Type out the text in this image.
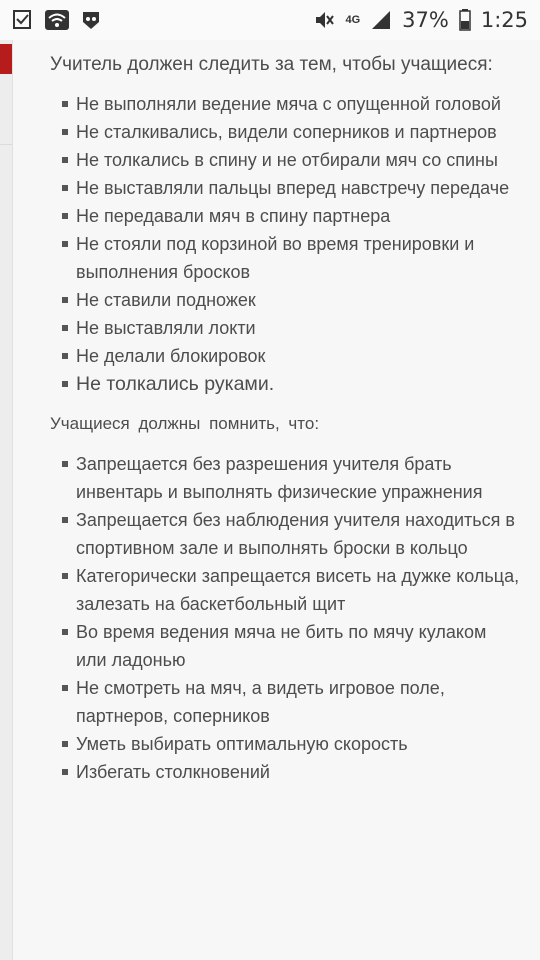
4G 37% 1:25

Учитель должен следить за тем, чтобы учащиеся:

Не выполняли ведение мяча с опущенной головой
Не сталкивались, видели соперников и партнеров
Не толкались в спину и не отбирали мяч со спины
Не выставляли пальцы вперед навстречу передаче
Не передавали мяч в спину партнера
Не стояли под корзиной во время тренировки и выполнения бросков
Не ставили подножек
Не выставляли локти
Не делали блокировок
Не толкались руками.

Учащиеся должны помнить, что:

Запрещается без разрешения учителя брать инвентарь и выполнять физические упражнения
Запрещается без наблюдения учителя находиться в спортивном зале и выполнять броски в кольцо
Категорически запрещается висеть на дужке кольца, залезать на баскетбольный щит
Во время ведения мяча не бить по мячу кулаком или ладонью
Не смотреть на мяч, а видеть игровое поле, партнеров, соперников
Уметь выбирать оптимальную скорость
Избегать столкновений
